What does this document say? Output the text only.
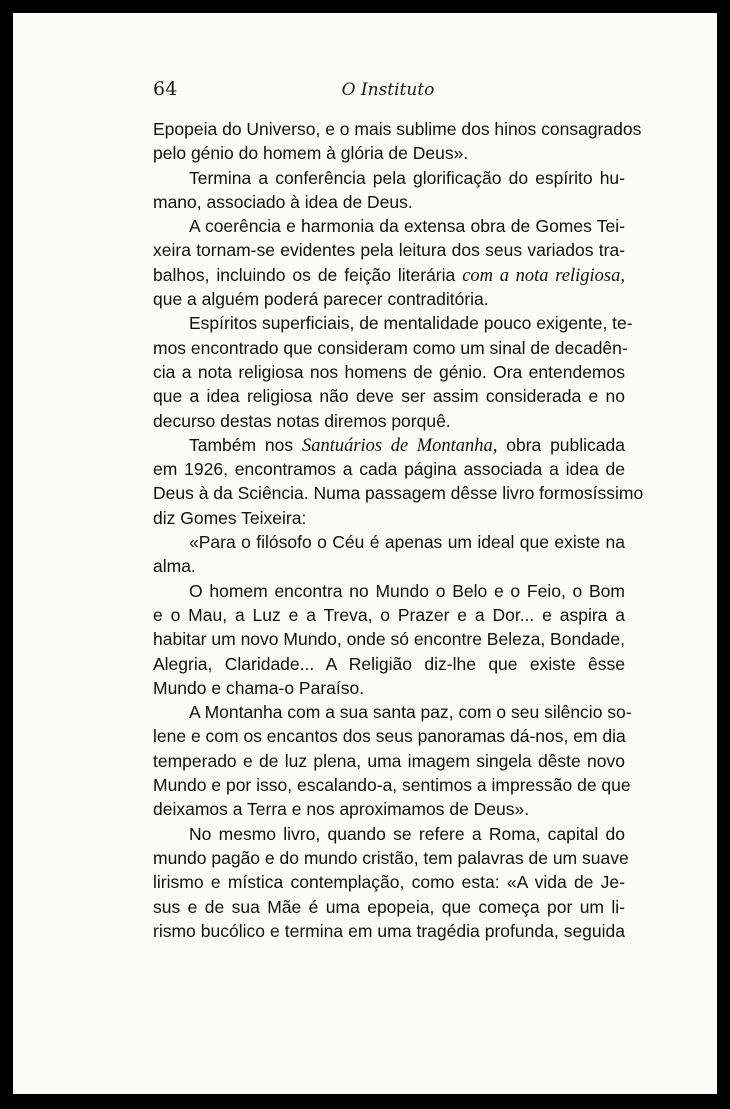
64	O Instituto
Epopeia do Universo, e o mais sublime dos hinos consagrados
pelo génio do homem à glória de Deus».
Termina a conferência pela glorificação do espírito hu-
mano, associado à idea de Deus.
A coerência e harmonia da extensa obra de Gomes Tei-
xeira tornam-se evidentes pela leitura dos seus variados tra-
balhos, incluindo os de feição literária com a nota religiosa,
que a alguém poderá parecer contraditória.
Espíritos superficiais, de mentalidade pouco exigente, te-
mos encontrado que consideram como um sinal de decadên-
cia a nota religiosa nos homens de génio. Ora entendemos
que a idea religiosa não deve ser assim considerada e no
decurso destas notas diremos porquê.
Também nos Santuários de Montanha, obra publicada
em 1926, encontramos a cada página associada a idea de
Deus à da Sciência. Numa passagem dêsse livro formosíssimo
diz Gomes Teixeira:
«Para o filósofo o Céu é apenas um ideal que existe na
alma.
O homem encontra no Mundo o Belo e o Feio, o Bom
e o Mau, a Luz e a Treva, o Prazer e a Dor... e aspira a
habitar um novo Mundo, onde só encontre Beleza, Bondade,
Alegria, Claridade... A Religião diz-lhe que existe êsse
Mundo e chama-o Paraíso.
A Montanha com a sua santa paz, com o seu silêncio so-
lene e com os encantos dos seus panoramas dá-nos, em dia
temperado e de luz plena, uma imagem singela dêste novo
Mundo e por isso, escalando-a, sentimos a impressão de que
deixamos a Terra e nos aproximamos de Deus».
No mesmo livro, quando se refere a Roma, capital do
mundo pagão e do mundo cristão, tem palavras de um suave
lirismo e mística contemplação, como esta: «A vida de Je-
sus e de sua Mãe é uma epopeia, que começa por um li-
rismo bucólico e termina em uma tragédia profunda, seguida
